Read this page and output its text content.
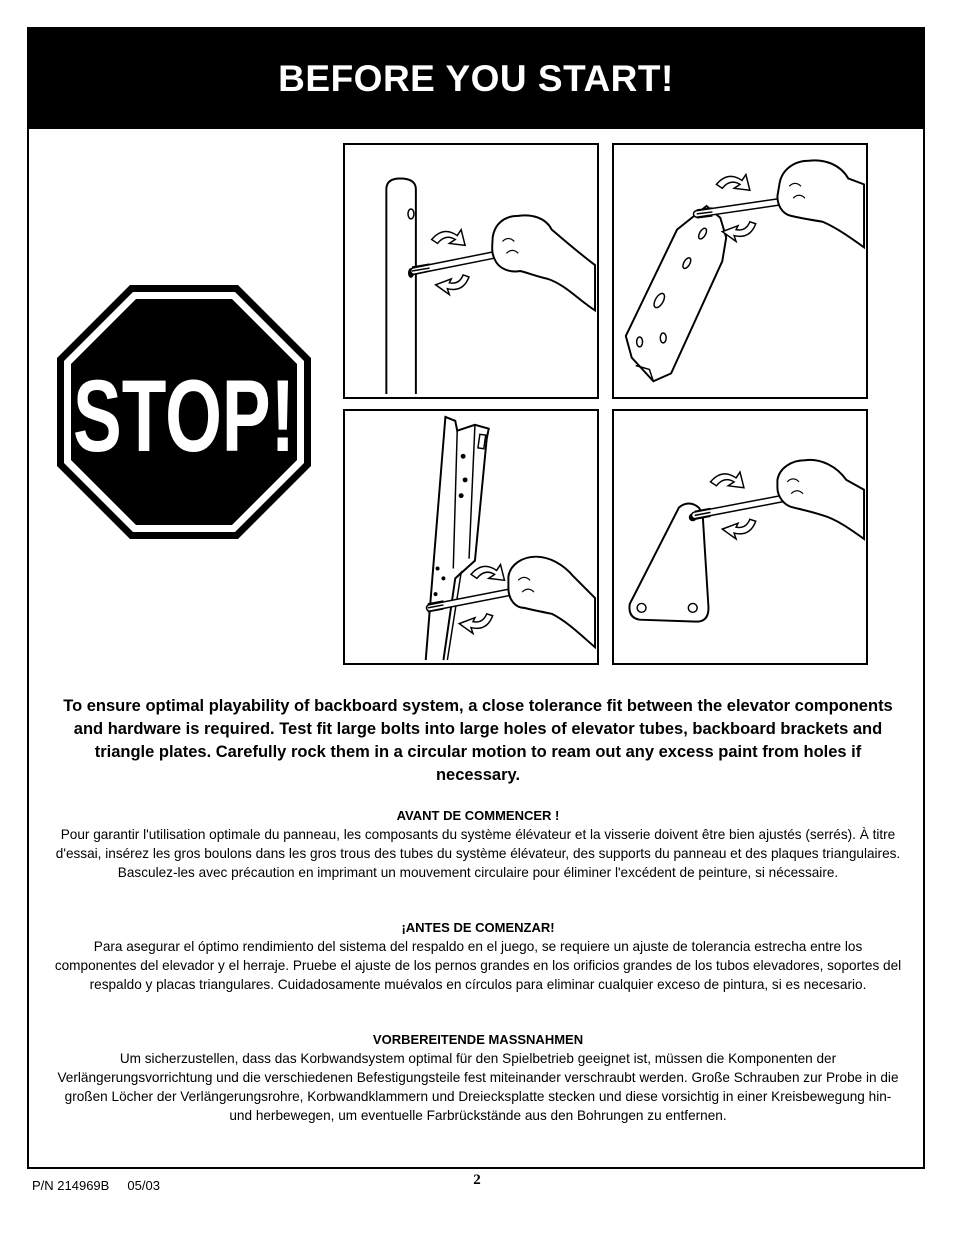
BEFORE YOU START!
STOP!
To ensure optimal playability of backboard system, a close tolerance fit between the elevator components and hardware is required. Test fit large bolts into large holes of elevator tubes, backboard brackets and triangle plates. Carefully rock them in a circular motion to ream out any excess paint from holes if necessary.
AVANT DE COMMENCER !
Pour garantir l'utilisation optimale du panneau, les composants du système élévateur et la visserie doivent être bien ajustés (serrés). À titre d'essai, insérez les gros boulons dans les gros trous des tubes du système élévateur, des supports du panneau et des plaques triangulaires. Basculez-les avec précaution en imprimant un mouvement circulaire pour éliminer l'excédent de peinture, si nécessaire.
¡ANTES DE COMENZAR!
Para asegurar el óptimo rendimiento del sistema del respaldo en el juego, se requiere un ajuste de tolerancia estrecha entre los componentes del elevador y el herraje. Pruebe el ajuste de los pernos grandes en los orificios grandes de los tubos elevadores, soportes del respaldo y placas triangulares. Cuidadosamente muévalos en círculos para eliminar cualquier exceso de pintura, si es necesario.
VORBEREITENDE MASSNAHMEN
Um sicherzustellen, dass das Korbwandsystem optimal für den Spielbetrieb geeignet ist, müssen die Komponenten der Verlängerungsvorrichtung und die verschiedenen Befestigungsteile fest miteinander verschraubt werden. Große Schrauben zur Probe in die großen Löcher der Verlängerungsrohre, Korbwandklammern und Dreiecksplatte stecken und diese vorsichtig in einer Kreisbewegung hin- und herbewegen, um eventuelle Farbrückstände aus den Bohrungen zu entfernen.
2
P/N 214969B     05/03
